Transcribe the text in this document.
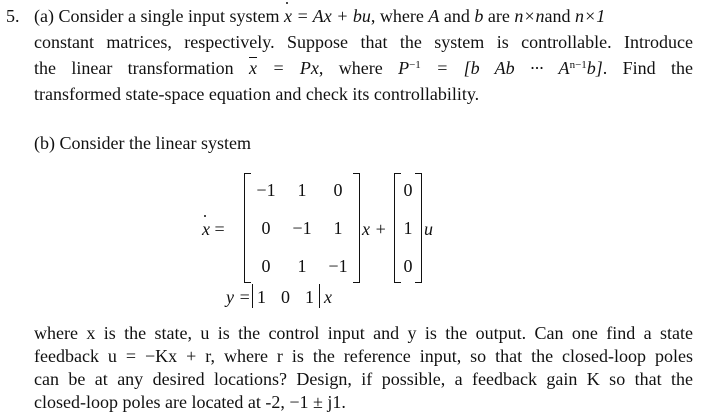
5. (a) Consider a single input system x = Ax + bu, where A and b are n×nand n×1
constant matrices, respectively. Suppose that the system is controllable. Introduce
the linear transformation $\overline{x} = Px$, where $P^{-1} = [b$ Ab ··· $A^{n-1}b$]. Find the
transformed state-space equation and check its controllability.
(b) Consider the linear system
x =
−1	1	0
0	−1	1
0	1	−1
x +
0
1
0
u
y = 1 0 1 x
where x is the state, u is the control input and y is the output. Can one find a state
feedback u = −Kx + r, where r is the reference input, so that the closed-loop poles
can be at any desired locations? Design, if possible, a feedback gain K so that the
closed-loop poles are located at -2, −1 ± j1.
